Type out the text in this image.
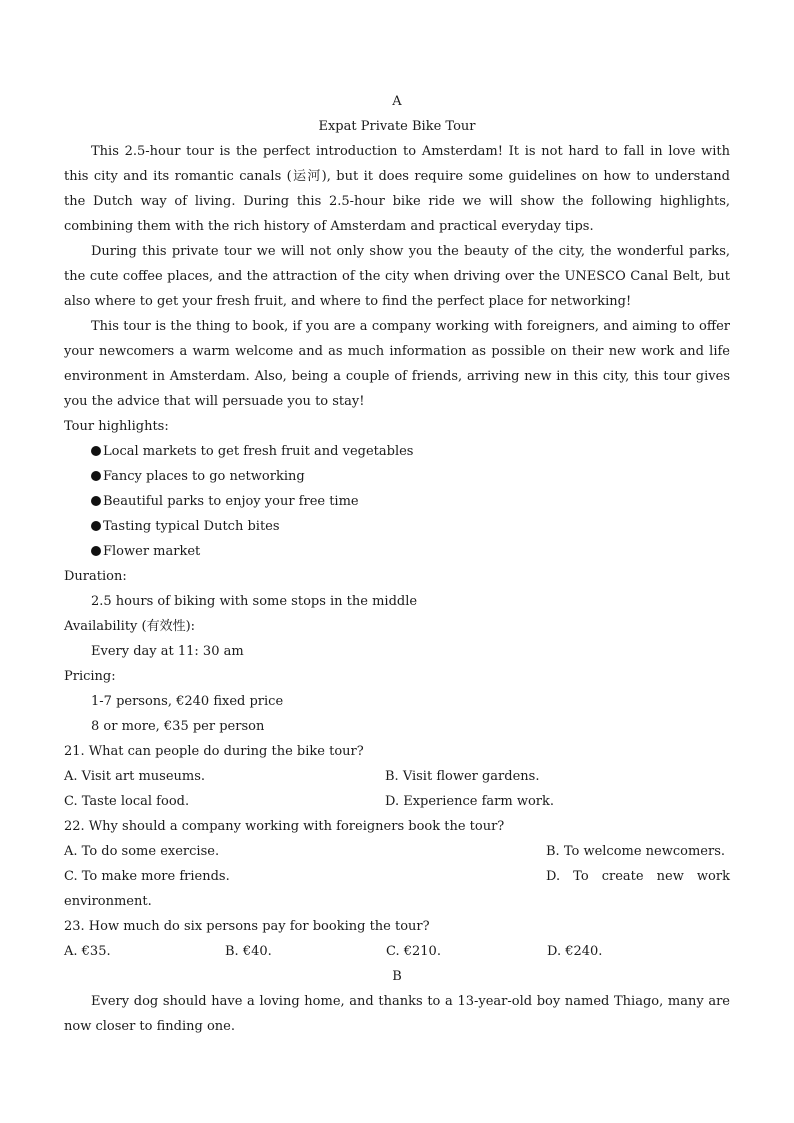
A
Expat Private Bike Tour

This 2.5-hour tour is the perfect introduction to Amsterdam! It is not hard to fall in love with this city and its romantic canals (运河), but it does require some guidelines on how to understand the Dutch way of living. During this 2.5-hour bike ride we will show the following highlights, combining them with the rich history of Amsterdam and practical everyday tips.

During this private tour we will not only show you the beauty of the city, the wonderful parks, the cute coffee places, and the attraction of the city when driving over the UNESCO Canal Belt, but also where to get your fresh fruit, and where to find the perfect place for networking!

This tour is the thing to book, if you are a company working with foreigners, and aiming to offer your newcomers a warm welcome and as much information as possible on their new work and life environment in Amsterdam. Also, being a couple of friends, arriving new in this city, this tour gives you the advice that will persuade you to stay!

Tour highlights:
Local markets to get fresh fruit and vegetables
Fancy places to go networking
Beautiful parks to enjoy your free time
Tasting typical Dutch bites
Flower market
Duration:
2.5 hours of biking with some stops in the middle
Availability (有效性):
Every day at 11: 30 am
Pricing:
1-7 persons, €240 fixed price
8 or more, €35 per person
21. What can people do during the bike tour?
A. Visit art museums.	B. Visit flower gardens.
C. Taste local food.	D. Experience farm work.
22. Why should a company working with foreigners book the tour?
A. To do some exercise.	B. To welcome newcomers.
C. To make more friends.	D. To create new work
environment.
23. How much do six persons pay for booking the tour?
A. €35.	B. €40.	C. €210.	D. €240.
B

Every dog should have a loving home, and thanks to a 13-year-old boy named Thiago, many are now closer to finding one.
